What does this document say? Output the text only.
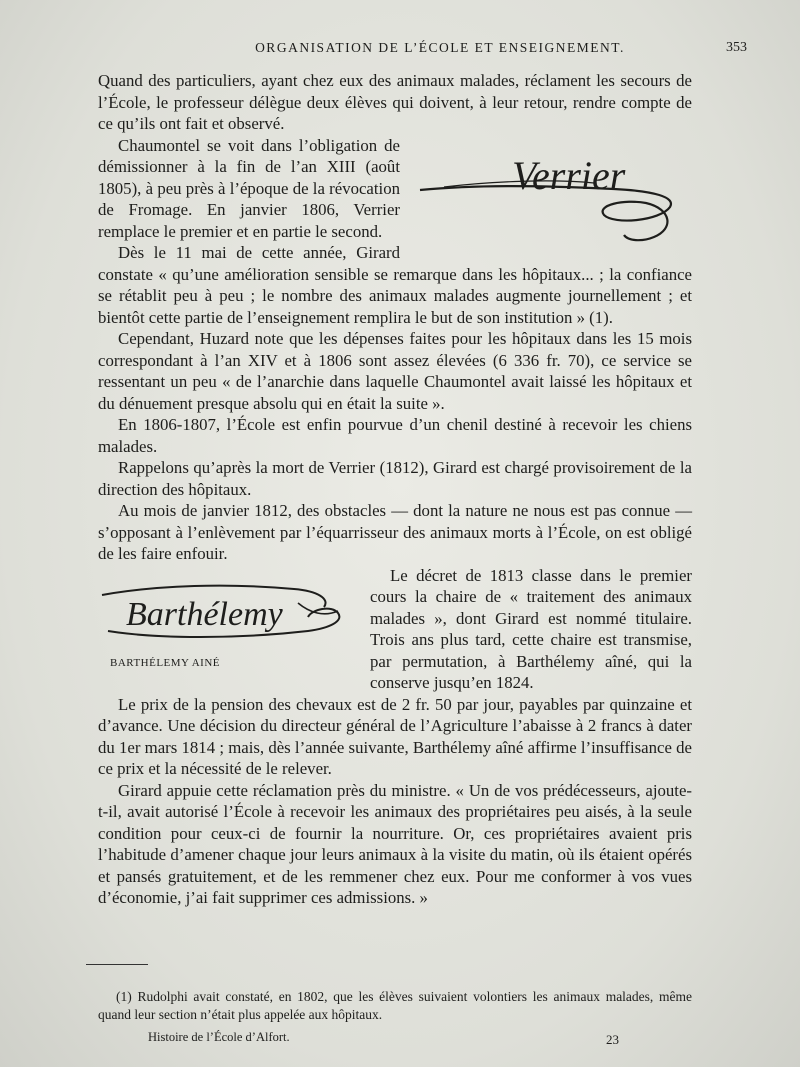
ORGANISATION DE L’ÉCOLE ET ENSEIGNEMENT.	353

Quand des particuliers, ayant chez eux des animaux malades, réclament les secours de l’École, le professeur délègue deux élèves qui doivent, à leur retour, rendre compte de ce qu’ils ont fait et observé.

Verrier

Chaumontel se voit dans l’obligation de démissionner à la fin de l’an XIII (août 1805), à peu près à l’époque de la révocation de Fromage. En janvier 1806, Verrier remplace le premier et en partie le second.

Dès le 11 mai de cette année, Girard constate « qu’une amélioration sensible se remarque dans les hôpitaux... ; la confiance se rétablit peu à peu ; le nombre des animaux malades augmente journellement ; et bientôt cette partie de l’enseignement remplira le but de son institution » (1).

Cependant, Huzard note que les dépenses faites pour les hôpitaux dans les 15 mois correspondant à l’an XIV et à 1806 sont assez élevées (6 336 fr. 70), ce service se ressentant un peu « de l’anarchie dans laquelle Chaumontel avait laissé les hôpitaux et du dénuement presque absolu qui en était la suite ».

En 1806-1807, l’École est enfin pourvue d’un chenil destiné à recevoir les chiens malades.

Rappelons qu’après la mort de Verrier (1812), Girard est chargé provisoirement de la direction des hôpitaux.

Au mois de janvier 1812, des obstacles — dont la nature ne nous est pas connue — s’opposant à l’enlèvement par l’équarrisseur des animaux morts à l’École, on est obligé de les faire enfouir.

Barthélemy
BARTHÉLEMY AINÉ

Le décret de 1813 classe dans le premier cours la chaire de « traitement des animaux malades », dont Girard est nommé titulaire. Trois ans plus tard, cette chaire est transmise, par permutation, à Barthélemy aîné, qui la conserve jusqu’en 1824.

Le prix de la pension des chevaux est de 2 fr. 50 par jour, payables par quinzaine et d’avance. Une décision du directeur général de l’Agriculture l’abaisse à 2 francs à dater du 1er mars 1814 ; mais, dès l’année suivante, Barthélemy aîné affirme l’insuffisance de ce prix et la nécessité de le relever.

Girard appuie cette réclamation près du ministre. « Un de vos prédécesseurs, ajoute-t-il, avait autorisé l’École à recevoir les animaux des propriétaires peu aisés, à la seule condition pour ceux-ci de fournir la nourriture. Or, ces propriétaires avaient pris l’habitude d’amener chaque jour leurs animaux à la visite du matin, où ils étaient opérés et pansés gratuitement, et de les remmener chez eux. Pour me conformer à vos vues d’économie, j’ai fait supprimer ces admissions. »

(1) Rudolphi avait constaté, en 1802, que les élèves suivaient volontiers les animaux malades, même quand leur section n’était plus appelée aux hôpitaux.

Histoire de l’École d’Alfort.	23
